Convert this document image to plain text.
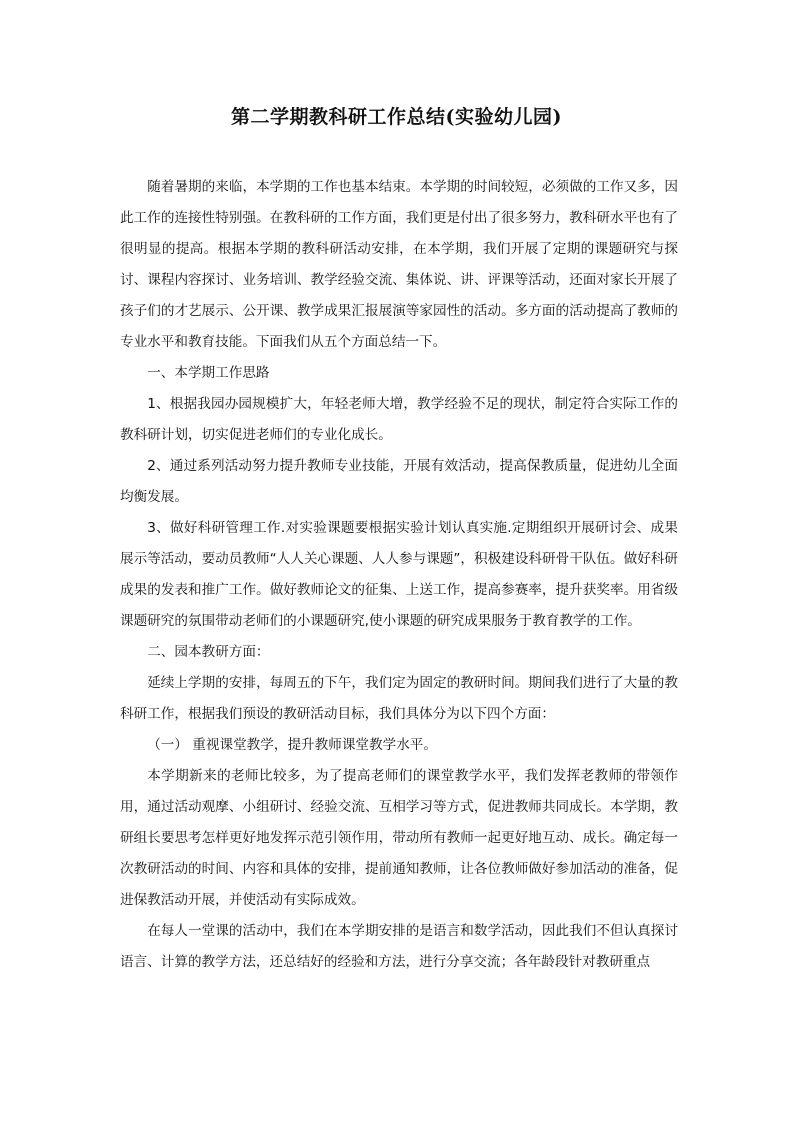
第二学期教科研工作总结(实验幼儿园)

随着暑期的来临，本学期的工作也基本结束。本学期的时间较短，必须做的工作又多，因此工作的连接性特别强。在教科研的工作方面，我们更是付出了很多努力，教科研水平也有了很明显的提高。根据本学期的教科研活动安排，在本学期，我们开展了定期的课题研究与探讨、课程内容探讨、业务培训、教学经验交流、集体说、讲、评课等活动，还面对家长开展了孩子们的才艺展示、公开课、教学成果汇报展演等家园性的活动。多方面的活动提高了教师的专业水平和教育技能。下面我们从五个方面总结一下。

一、本学期工作思路

1、根据我园办园规模扩大，年轻老师大增，教学经验不足的现状，制定符合实际工作的教科研计划，切实促进老师们的专业化成长。

2、通过系列活动努力提升教师专业技能，开展有效活动，提高保教质量，促进幼儿全面均衡发展。

3、做好科研管理工作.对实验课题要根据实验计划认真实施.定期组织开展研讨会、成果展示等活动，要动员教师“人人关心课题、人人参与课题”，积极建设科研骨干队伍。做好科研成果的发表和推广工作。做好教师论文的征集、上送工作，提高参赛率，提升获奖率。用省级课题研究的氛围带动老师们的小课题研究,使小课题的研究成果服务于教育教学的工作。

二、园本教研方面：

延续上学期的安排，每周五的下午，我们定为固定的教研时间。期间我们进行了大量的教科研工作，根据我们预设的教研活动目标，我们具体分为以下四个方面：

（一） 重视课堂教学，提升教师课堂教学水平。

本学期新来的老师比较多，为了提高老师们的课堂教学水平，我们发挥老教师的带领作用，通过活动观摩、小组研讨、经验交流、互相学习等方式，促进教师共同成长。本学期，教研组长要思考怎样更好地发挥示范引领作用，带动所有教师一起更好地互动、成长。确定每一次教研活动的时间、内容和具体的安排，提前通知教师，让各位教师做好参加活动的准备，促进保教活动开展，并使活动有实际成效。

在每人一堂课的活动中，我们在本学期安排的是语言和数学活动，因此我们不但认真探讨语言、计算的教学方法，还总结好的经验和方法，进行分享交流；各年龄段针对教研重点
